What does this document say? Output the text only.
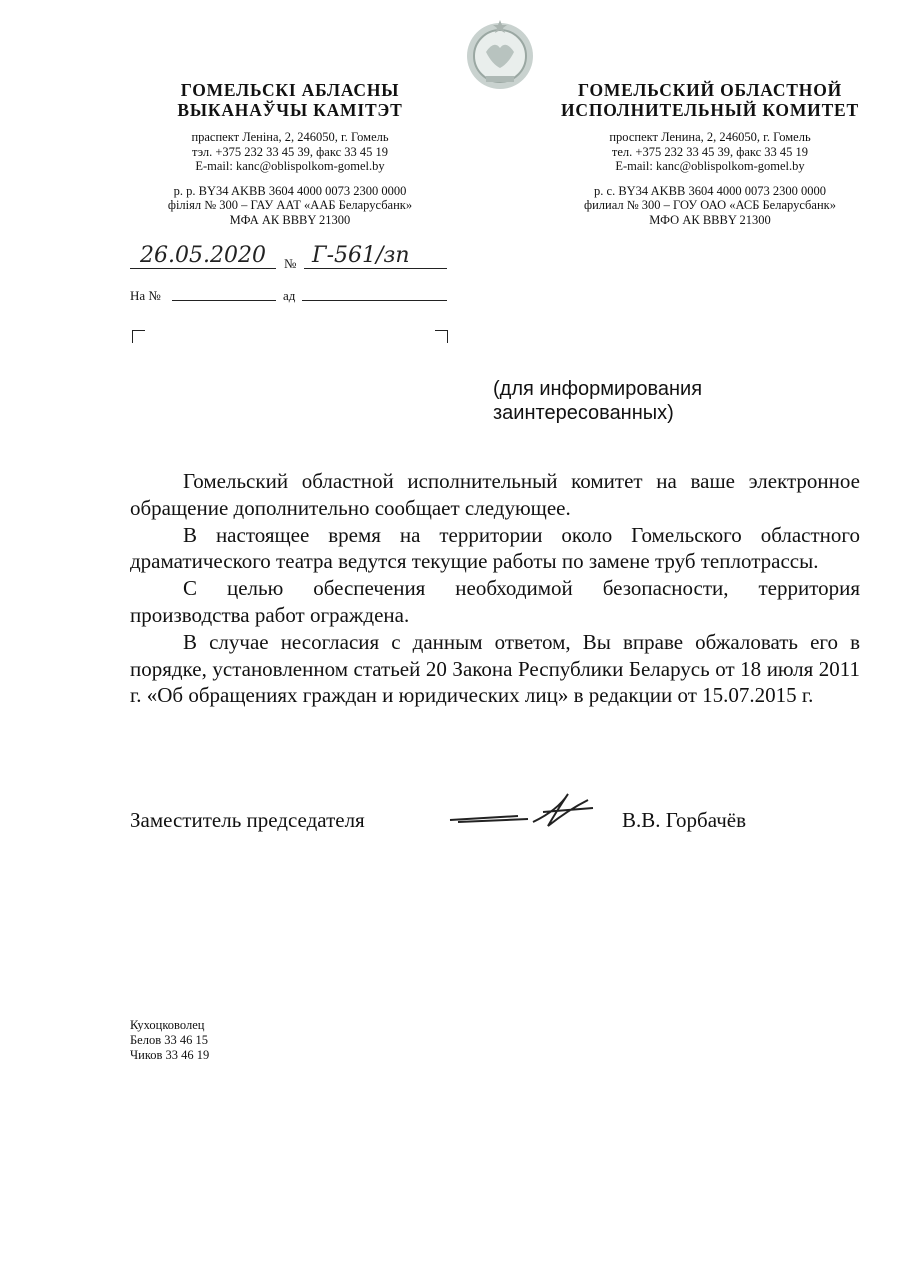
ГОМЕЛЬСКІ АБЛАСНЫ
ВЫКАНАЎЧЫ КАМІТЭТ
праспект Леніна, 2, 246050, г. Гомель
тэл. +375 232 33 45 39, факс 33 45 19
E-mail: kanc@oblispolkom-gomel.by
р. р. BY34 AKBB 3604 4000 0073 2300 0000
філіял № 300 – ГАУ ААТ «ААБ Беларусбанк»
МФА АК BBBY 21300
ГОМЕЛЬСКИЙ ОБЛАСТНОЙ
ИСПОЛНИТЕЛЬНЫЙ КОМИТЕТ
проспект Ленина, 2, 246050, г. Гомель
тел. +375 232 33 45 39, факс 33 45 19
E-mail: kanc@oblispolkom-gomel.by
р. с. BY34 AKBB 3604 4000 0073 2300 0000
филиал № 300 – ГОУ ОАО «АСБ Беларусбанк»
МФО АК BBBY 21300
26.05.2020 № Г-561/зп
На №	ад
(для информирования
заинтересованных)

Гомельский областной исполнительный комитет на ваше электронное обращение дополнительно сообщает следующее.

В настоящее время на территории около Гомельского областного драматического театра ведутся текущие работы по замене труб теплотрассы.

С целью обеспечения необходимой безопасности, территория производства работ ограждена.

В случае несогласия с данным ответом, Вы вправе обжаловать его в порядке, установленном статьей 20 Закона Республики Беларусь от 18 июля 2011 г. «Об обращениях граждан и юридических лиц» в редакции от 15.07.2015 г.

Заместитель председателя	В.В. Горбачёв
Кухоцковолец
Белов 33 46 15
Чиков 33 46 19
